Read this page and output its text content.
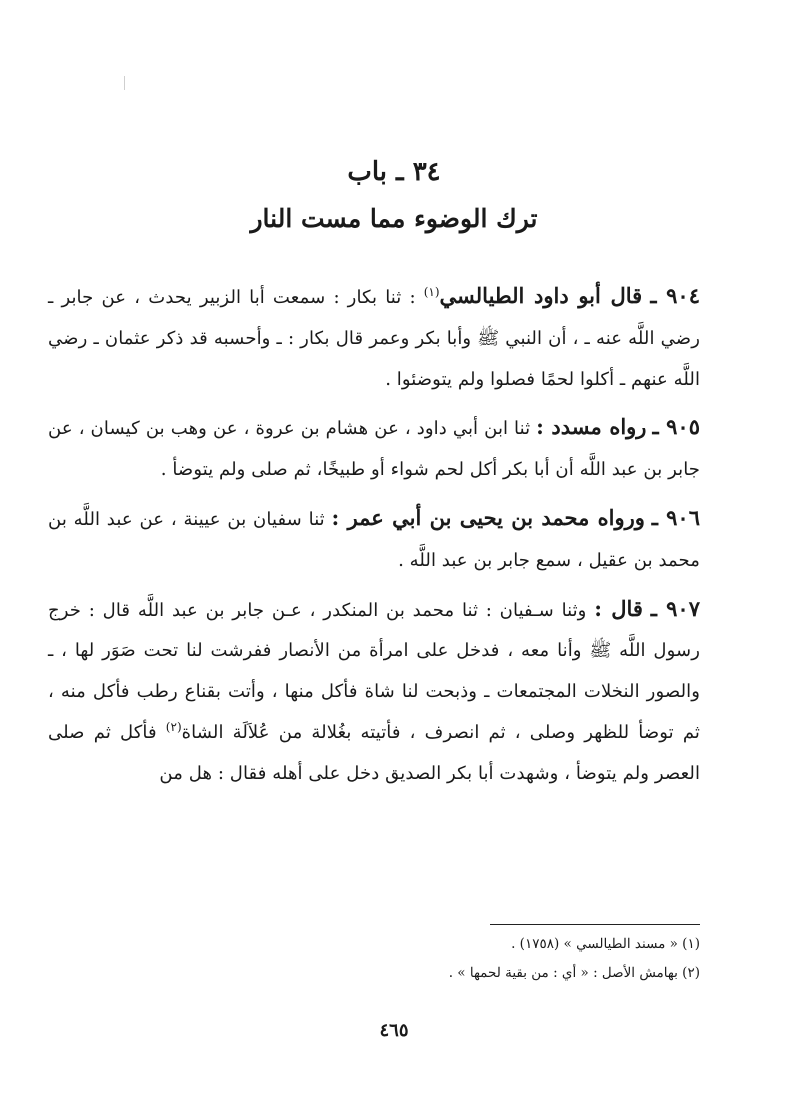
٣٤ ـ باب
ترك الوضوء مما مست النار

٩٠٤ ـ قال أبو داود الطيالسي$^{(١)}$ : ثنا بكار : سمعت أبا الزبير يحدث ، عن جابر ـ رضي اللَّه عنه ـ ، أن النبي ﷺ وأبا بكر وعمر قال بكار : ـ وأحسبه قد ذكر عثمان ـ رضي اللَّه عنهم ـ أكلوا لحمًا فصلوا ولم يتوضئوا .

٩٠٥ ـ رواه مسدد : ثنا ابن أبي داود ، عن هشام بن عروة ، عن وهب بن كيسان ، عن جابر بن عبد اللَّه أن أبا بكر أكل لحم شواء أو طبيخًا، ثم صلى ولم يتوضأ .

٩٠٦ ـ ورواه محمد بن يحيى بن أبي عمر : ثنا سفيان بن عيينة ، عن عبد اللَّه بن محمد بن عقيل ، سمع جابر بن عبد اللَّه .

٩٠٧ ـ قال : وثنا سـفيان : ثنا محمد بن المنكدر ، عـن جابر بن عبد اللَّه قال : خرج رسول اللَّه ﷺ وأنا معه ، فدخل على امرأة من الأنصار ففرشت لنا تحت صَوَر لها ، ـ والصور النخلات المجتمعات ـ وذبحت لنا شاة فأكل منها ، وأتت بقناع رطب فأكل منه ، ثم توضأ للظهر وصلى ، ثم انصرف ، فأتيته بغُلالة من عُلاَلَة الشاة$^{(٢)}$ فأكل ثم صلى العصر ولم يتوضأ ، وشهدت أبا بكر الصديق دخل على أهله فقال : هل من

(١) « مسند الطيالسي » (١٧٥٨) .

(٢) بهامش الأصل : « أي : من بقية لحمها » .

٤٦٥
